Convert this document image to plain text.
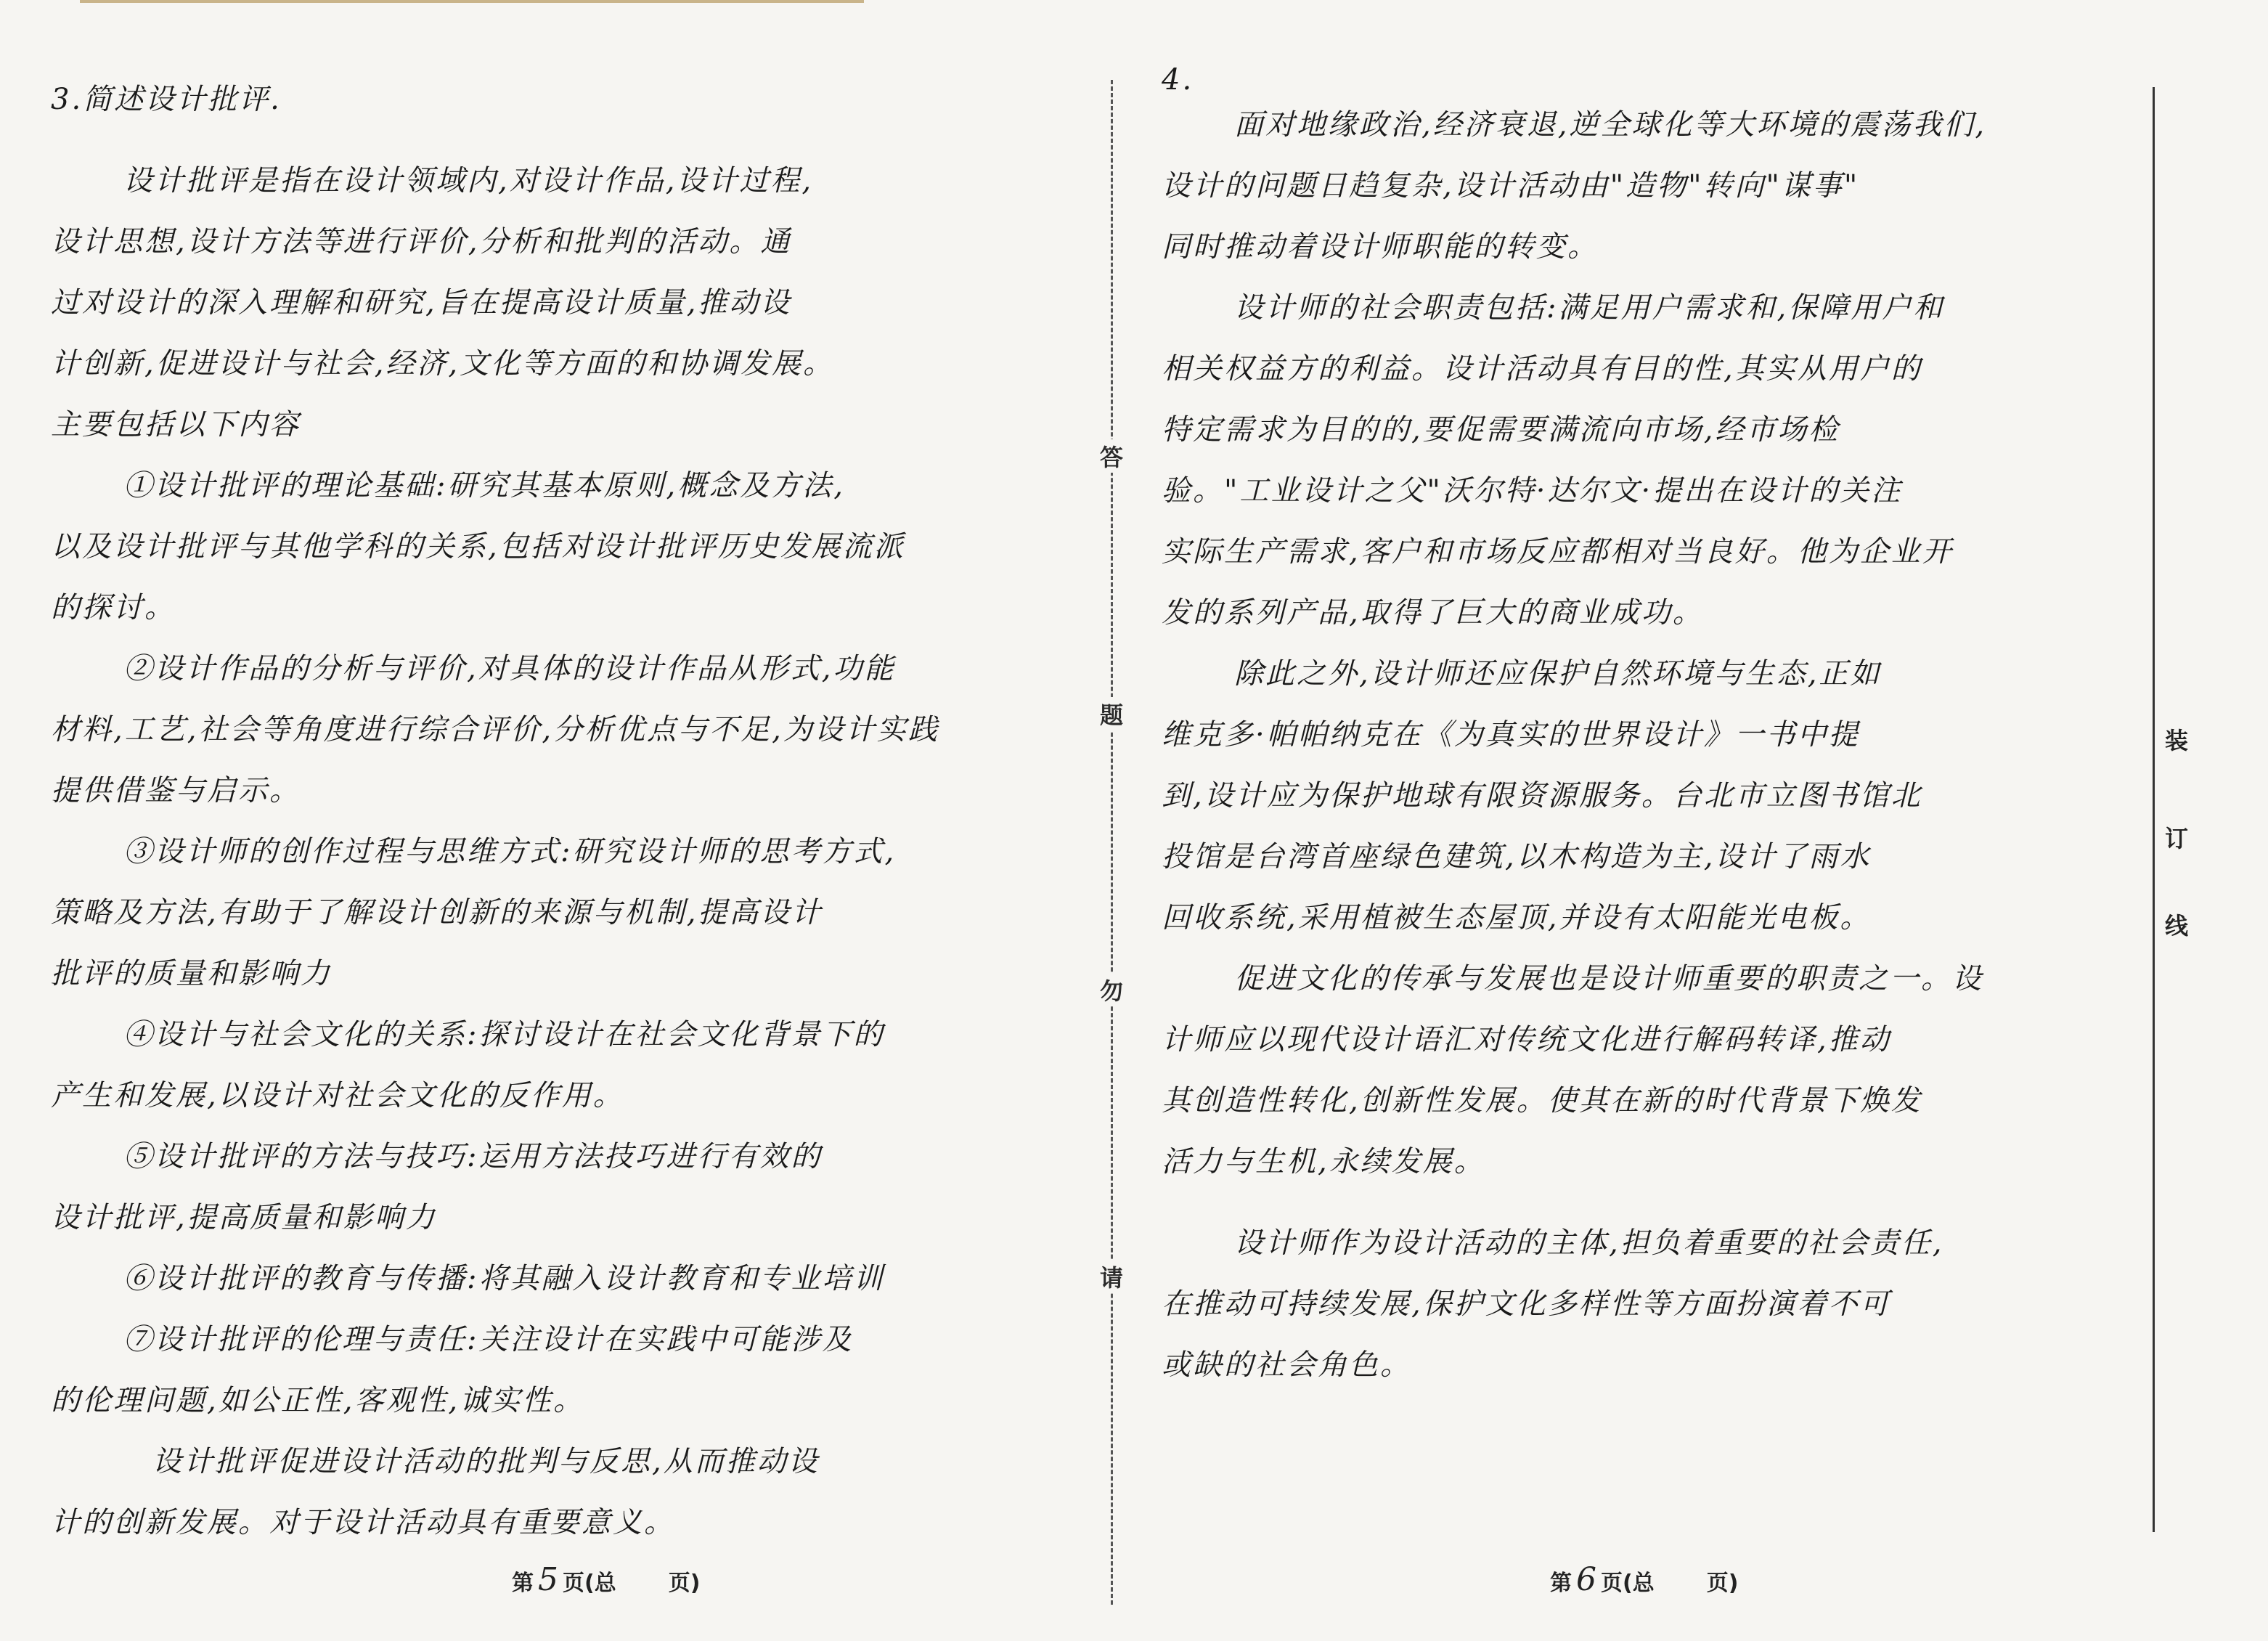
3.简述设计批评.
设计批评是指在设计领域内,对设计作品,设计过程,
设计思想,设计方法等进行评价,分析和批判的活动。通
过对设计的深入理解和研究,旨在提高设计质量,推动设
计创新,促进设计与社会,经济,文化等方面的和协调发展。
主要包括以下内容
①设计批评的理论基础:研究其基本原则,概念及方法,
以及设计批评与其他学科的关系,包括对设计批评历史发展流派
的探讨。
②设计作品的分析与评价,对具体的设计作品从形式,功能
材料,工艺,社会等角度进行综合评价,分析优点与不足,为设计实践
提供借鉴与启示。
③设计师的创作过程与思维方式:研究设计师的思考方式,
策略及方法,有助于了解设计创新的来源与机制,提高设计
批评的质量和影响力
④设计与社会文化的关系:探讨设计在社会文化背景下的
产生和发展,以设计对社会文化的反作用。
⑤设计批评的方法与技巧:运用方法技巧进行有效的
设计批评,提高质量和影响力
⑥设计批评的教育与传播:将其融入设计教育和专业培训
⑦设计批评的伦理与责任:关注设计在实践中可能涉及
的伦理问题,如公正性,客观性,诚实性。
设计批评促进设计活动的批判与反思,从而推动设
计的创新发展。对于设计活动具有重要意义。
第 5 页(总 页)
答
题
勿
请
4.
面对地缘政治,经济衰退,逆全球化等大环境的震荡我们,
设计的问题日趋复杂,设计活动由"造物"转向"谋事"
同时推动着设计师职能的转变。
设计师的社会职责包括:满足用户需求和,保障用户和
相关权益方的利益。设计活动具有目的性,其实从用户的
特定需求为目的的,要促需要满流向市场,经市场检
验。"工业设计之父"沃尔特·达尔文·提出在设计的关注
实际生产需求,客户和市场反应都相对当良好。他为企业开
发的系列产品,取得了巨大的商业成功。
除此之外,设计师还应保护自然环境与生态,正如
维克多·帕帕纳克在《为真实的世界设计》一书中提
到,设计应为保护地球有限资源服务。台北市立图书馆北
投馆是台湾首座绿色建筑,以木构造为主,设计了雨水
回收系统,采用植被生态屋顶,并设有太阳能光电板。
促进文化的传承与发展也是设计师重要的职责之一。设
计师应以现代设计语汇对传统文化进行解码转译,推动
其创造性转化,创新性发展。使其在新的时代背景下焕发
活力与生机,永续发展。
设计师作为设计活动的主体,担负着重要的社会责任,
在推动可持续发展,保护文化多样性等方面扮演着不可
或缺的社会角色。
第 6 页(总 页)
装
订
线
